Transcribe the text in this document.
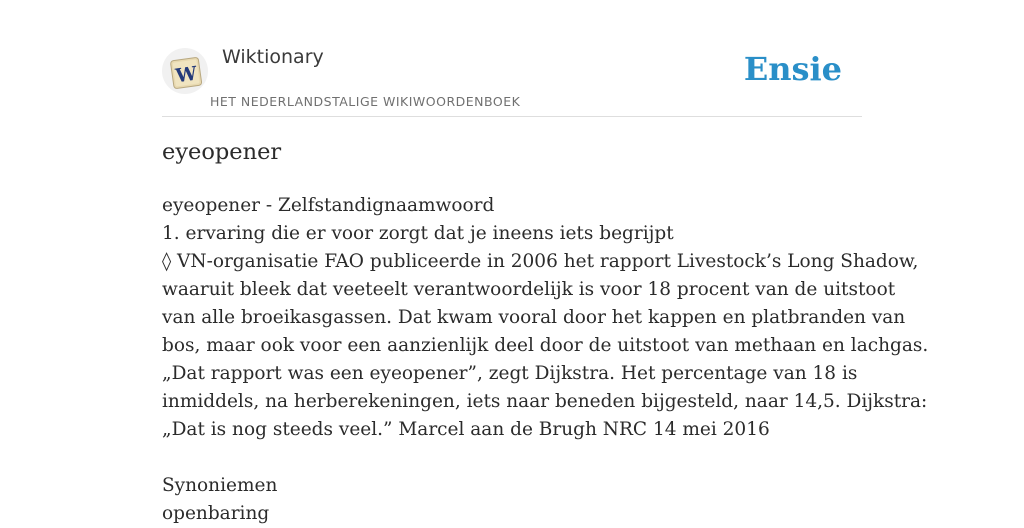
W
Wiktionary
HET NEDERLANDSTALIGE WIKIWOORDENBOEK
Ensie
eyeopener
eyeopener - Zelfstandignaamwoord
1. ervaring die er voor zorgt dat je ineens iets begrijpt
◊ VN-organisatie FAO publiceerde in 2006 het rapport Livestock’s Long Shadow,
waaruit bleek dat veeteelt verantwoordelijk is voor 18 procent van de uitstoot
van alle broeikasgassen. Dat kwam vooral door het kappen en platbranden van
bos, maar ook voor een aanzienlijk deel door de uitstoot van methaan en lachgas.
„Dat rapport was een eyeopener”, zegt Dijkstra. Het percentage van 18 is
inmiddels, na herberekeningen, iets naar beneden bijgesteld, naar 14,5. Dijkstra:
„Dat is nog steeds veel.” Marcel aan de Brugh NRC 14 mei 2016
Synoniemen
openbaring
